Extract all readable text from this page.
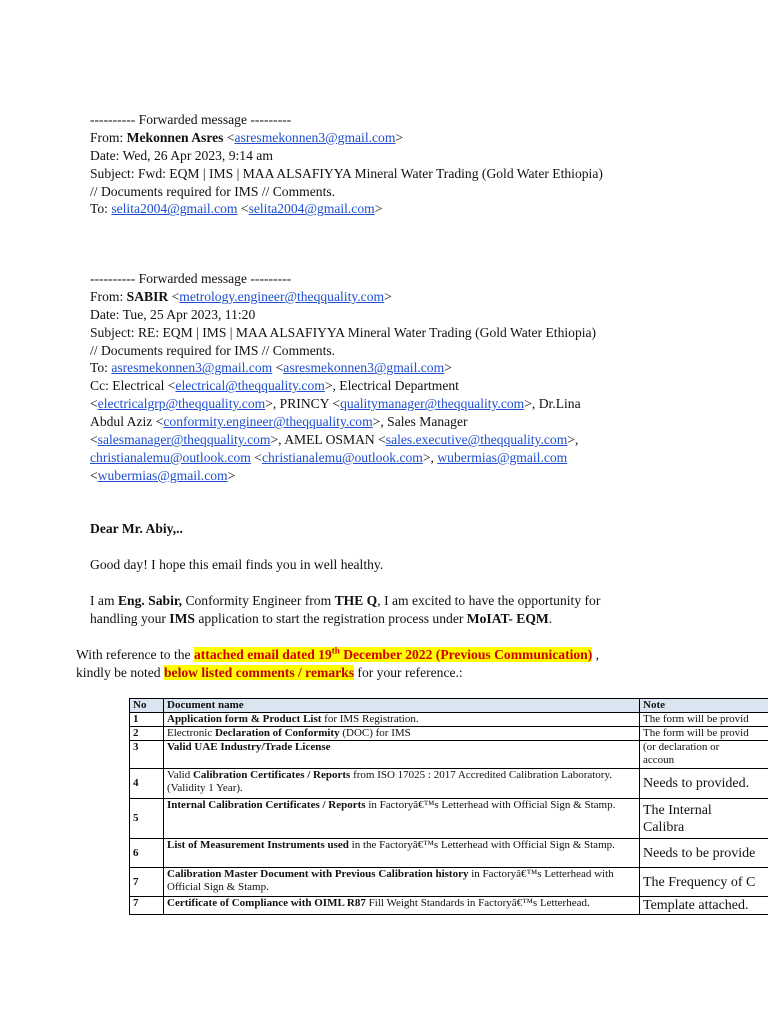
---------- Forwarded message ---------
From: Mekonnen Asres <asresmekonnen3@gmail.com>
Date: Wed, 26 Apr 2023, 9:14 am
Subject: Fwd: EQM | IMS | MAA ALSAFIYYA Mineral Water Trading (Gold Water Ethiopia)
// Documents required for IMS // Comments.
To: selita2004@gmail.com <selita2004@gmail.com>
---------- Forwarded message ---------
From: SABIR <metrology.engineer@theqquality.com>
Date: Tue, 25 Apr 2023, 11:20
Subject: RE: EQM | IMS | MAA ALSAFIYYA Mineral Water Trading (Gold Water Ethiopia)
// Documents required for IMS // Comments.
To: asresmekonnen3@gmail.com <asresmekonnen3@gmail.com>
Cc: Electrical <electrical@theqquality.com>, Electrical Department
<electricalgrp@theqquality.com>, PRINCY <qualitymanager@theqquality.com>, Dr.Lina
Abdul Aziz <conformity.engineer@theqquality.com>, Sales Manager
<salesmanager@theqquality.com>, AMEL OSMAN <sales.executive@theqquality.com>,
christianalemu@outlook.com <christianalemu@outlook.com>, wubermias@gmail.com
<wubermias@gmail.com>
Dear Mr. Abiy,..
Good day! I hope this email finds you in well healthy.
I am Eng. Sabir, Conformity Engineer from THE Q, I am excited to have the opportunity for
handling your IMS application to start the registration process under MoIAT- EQM.
With reference to the attached email dated 19th December 2022 (Previous Communication) ,
kindly be noted below listed comments / remarks for your reference.:
No	Document name	Note
1	Application form & Product List for IMS Registration.	The form will be provid
2	Electronic Declaration of Conformity (DOC) for IMS	The form will be provid
3	Valid UAE Industry/Trade License	(or declaration or
accoun

4	Valid Calibration Certificates / Reports from ISO 17025 : 2017 Accredited Calibration Laboratory. (Validity 1 Year).	Needs to provided.
5	Internal Calibration Certificates / Reports in Factoryâ€™s Letterhead with Official Sign & Stamp.	The Internal
Calibra

6	List of Measurement Instruments used in the Factoryâ€™s Letterhead with Official Sign & Stamp.	Needs to be provide
7	Calibration Master Document with Previous Calibration history in Factoryâ€™s Letterhead with Official Sign & Stamp.	The Frequency of C
7	Certificate of Compliance with OIML R87 Fill Weight Standards in Factoryâ€™s Letterhead.	Template attached.
